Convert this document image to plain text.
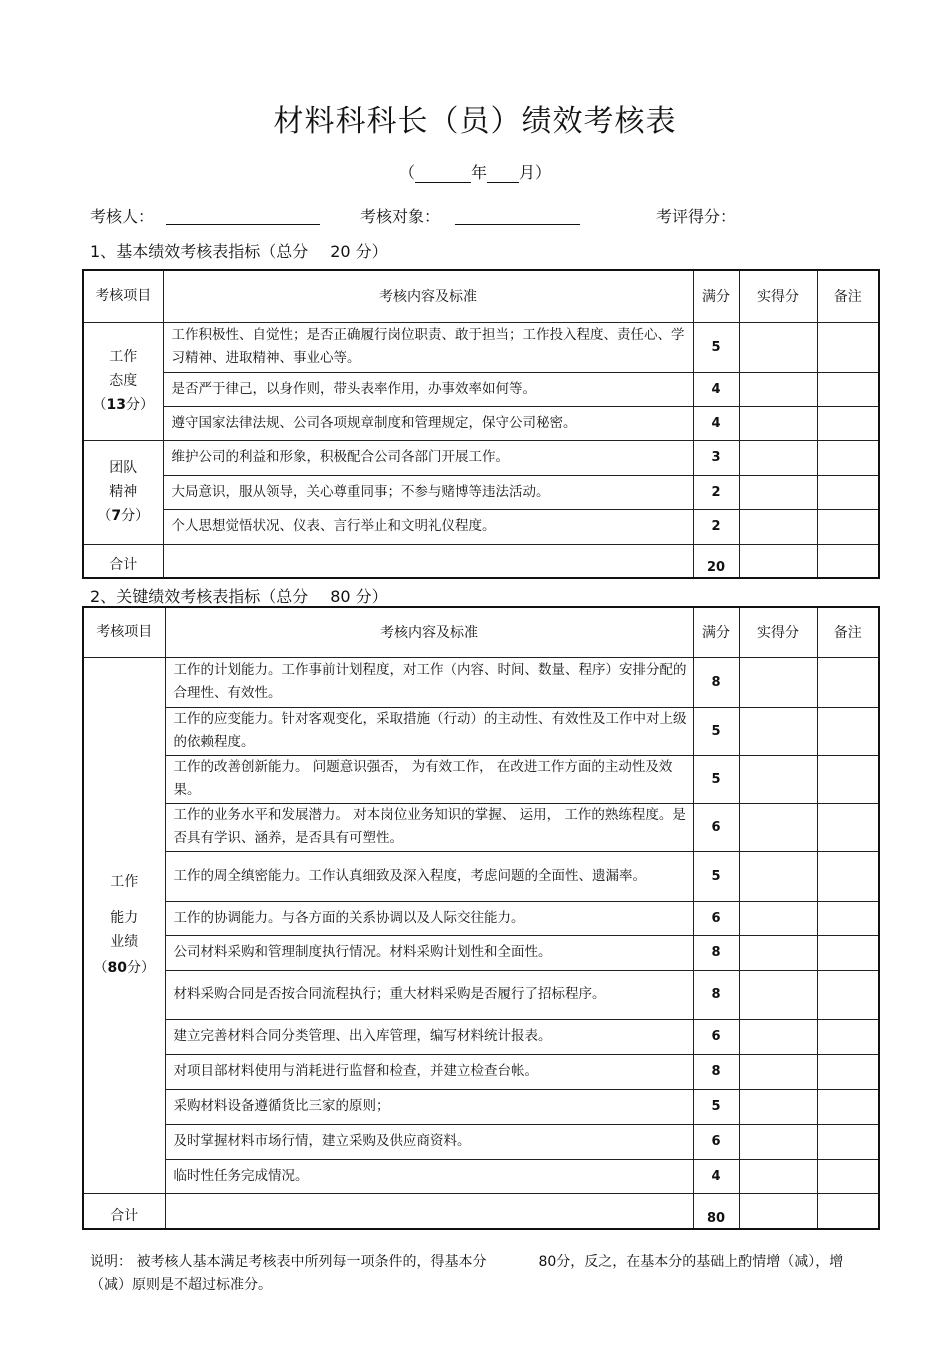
材料科科长（员）绩效考核表
（	年 月）
考核人：	考核对象：	考评得分：
1、基本绩效考核表指标（总分 20 分）
考核项目	考核内容及标准	满分	实得分	备注

工作
态度
（13分）	工作积极性、自觉性；是否正确履行岗位职责、敢于担当；工作投入程度、责任心、学习精神、进取精神、事业心等。	5		
	是否严于律己，以身作则，带头表率作用，办事效率如何等。	4		
	遵守国家法律法规、公司各项规章制度和管理规定，保守公司秘密。	4		

团队
精神
（7分）	维护公司的利益和形象，积极配合公司各部门开展工作。	3		
	大局意识，服从领导，关心尊重同事；不参与赌博等违法活动。	2		
	个人思想觉悟状况、仪表、言行举止和文明礼仪程度。	2		
合计		20		
2、关键绩效考核表指标（总分 80 分）
考核项目	考核内容及标准	满分	实得分	备注

工作
能力
业绩
（80分）	工作的计划能力。工作事前计划程度，对工作（内容、时间、数量、程序）安排分配的合理性、有效性。	8		
	工作的应变能力。针对客观变化，采取措施（行动）的主动性、有效性及工作中对上级的依赖程度。	5		
	工作的改善创新能力。 问题意识强否， 为有效工作， 在改进工作方面的主动性及效果。	5		
	工作的业务水平和发展潜力。 对本岗位业务知识的掌握、 运用， 工作的熟练程度。是否具有学识、涵养，是否具有可塑性。	6		
	工作的周全缜密能力。工作认真细致及深入程度，考虑问题的全面性、遗漏率。	5		
	工作的协调能力。与各方面的关系协调以及人际交往能力。	6		
	公司材料采购和管理制度执行情况。材料采购计划性和全面性。	8		
	材料采购合同是否按合同流程执行；重大材料采购是否履行了招标程序。	8		
	建立完善材料合同分类管理、出入库管理，编写材料统计报表。	6		
	对项目部材料使用与消耗进行监督和检查，并建立检查台帐。	8		
	采购材料设备遵循货比三家的原则；	5		
	及时掌握材料市场行情，建立采购及供应商资料。	6		
	临时性任务完成情况。	4		
合计		80		
说明： 被考核人基本满足考核表中所列每一项条件的，得基本分	80分，反之，在基本分的基础上酌情增（减），增（减）原则是不超过标准分。
